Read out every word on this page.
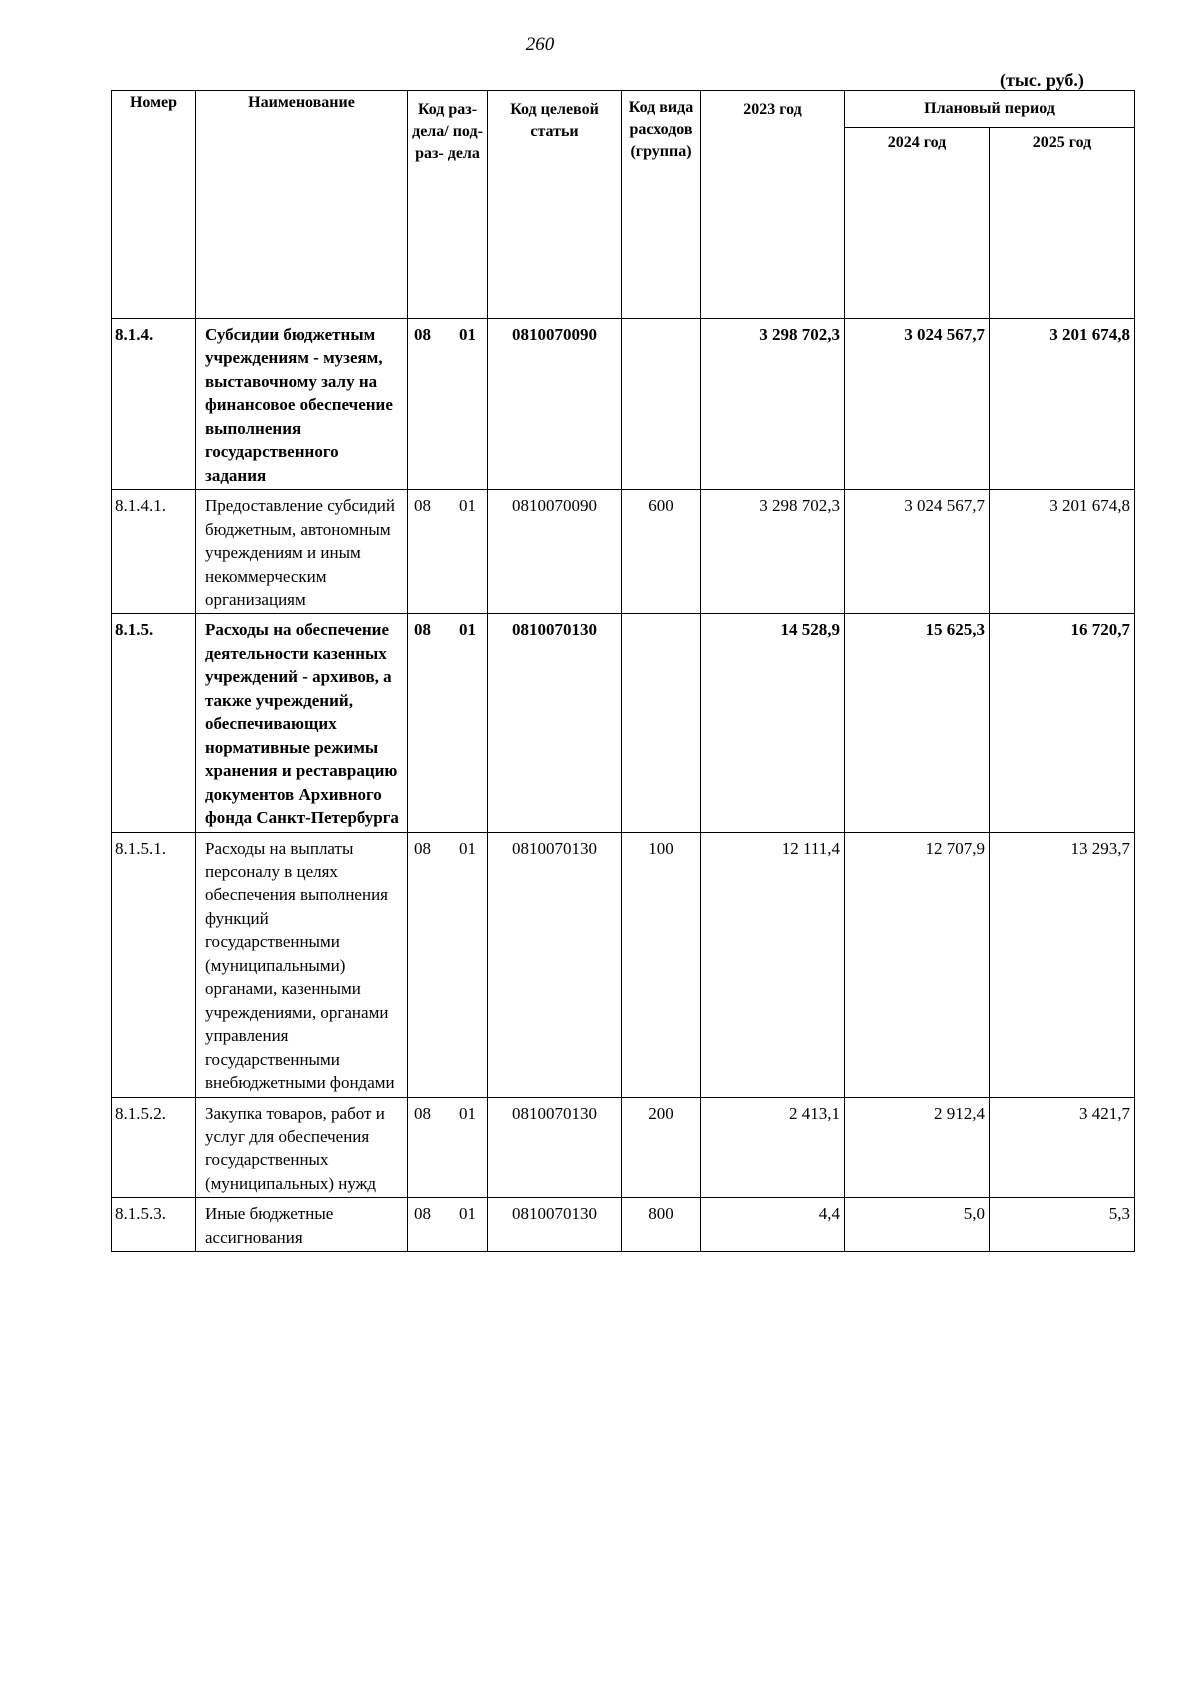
260
(тыс. руб.)
Номер	Наименование	Код раз- дела/ под- раз- дела	Код целевой статьи	Код вида расходов (группа)	2023 год	Плановый период	
						2024 год	2025 год
8.1.4.	Субсидии бюджетным учреждениям - музеям, выставочному залу на финансовое обеспечение выполнения государственного задания	08 01	0810070090		3 298 702,3	3 024 567,7	3 201 674,8
8.1.4.1.	Предоставление субсидий бюджетным, автономным учреждениям и иным некоммерческим организациям	08 01	0810070090	600	3 298 702,3	3 024 567,7	3 201 674,8
8.1.5.	Расходы на обеспечение деятельности казенных учреждений - архивов, а также учреждений, обеспечивающих нормативные режимы хранения и реставрацию документов Архивного фонда Санкт-Петербурга	08 01	0810070130		14 528,9	15 625,3	16 720,7
8.1.5.1.	Расходы на выплаты персоналу в целях обеспечения выполнения функций государственными (муниципальными) органами, казенными учреждениями, органами управления государственными внебюджетными фондами	08 01	0810070130	100	12 111,4	12 707,9	13 293,7
8.1.5.2.	Закупка товаров, работ и услуг для обеспечения государственных (муниципальных) нужд	08 01	0810070130	200	2 413,1	2 912,4	3 421,7
8.1.5.3.	Иные бюджетные ассигнования	08 01	0810070130	800	4,4	5,0	5,3
